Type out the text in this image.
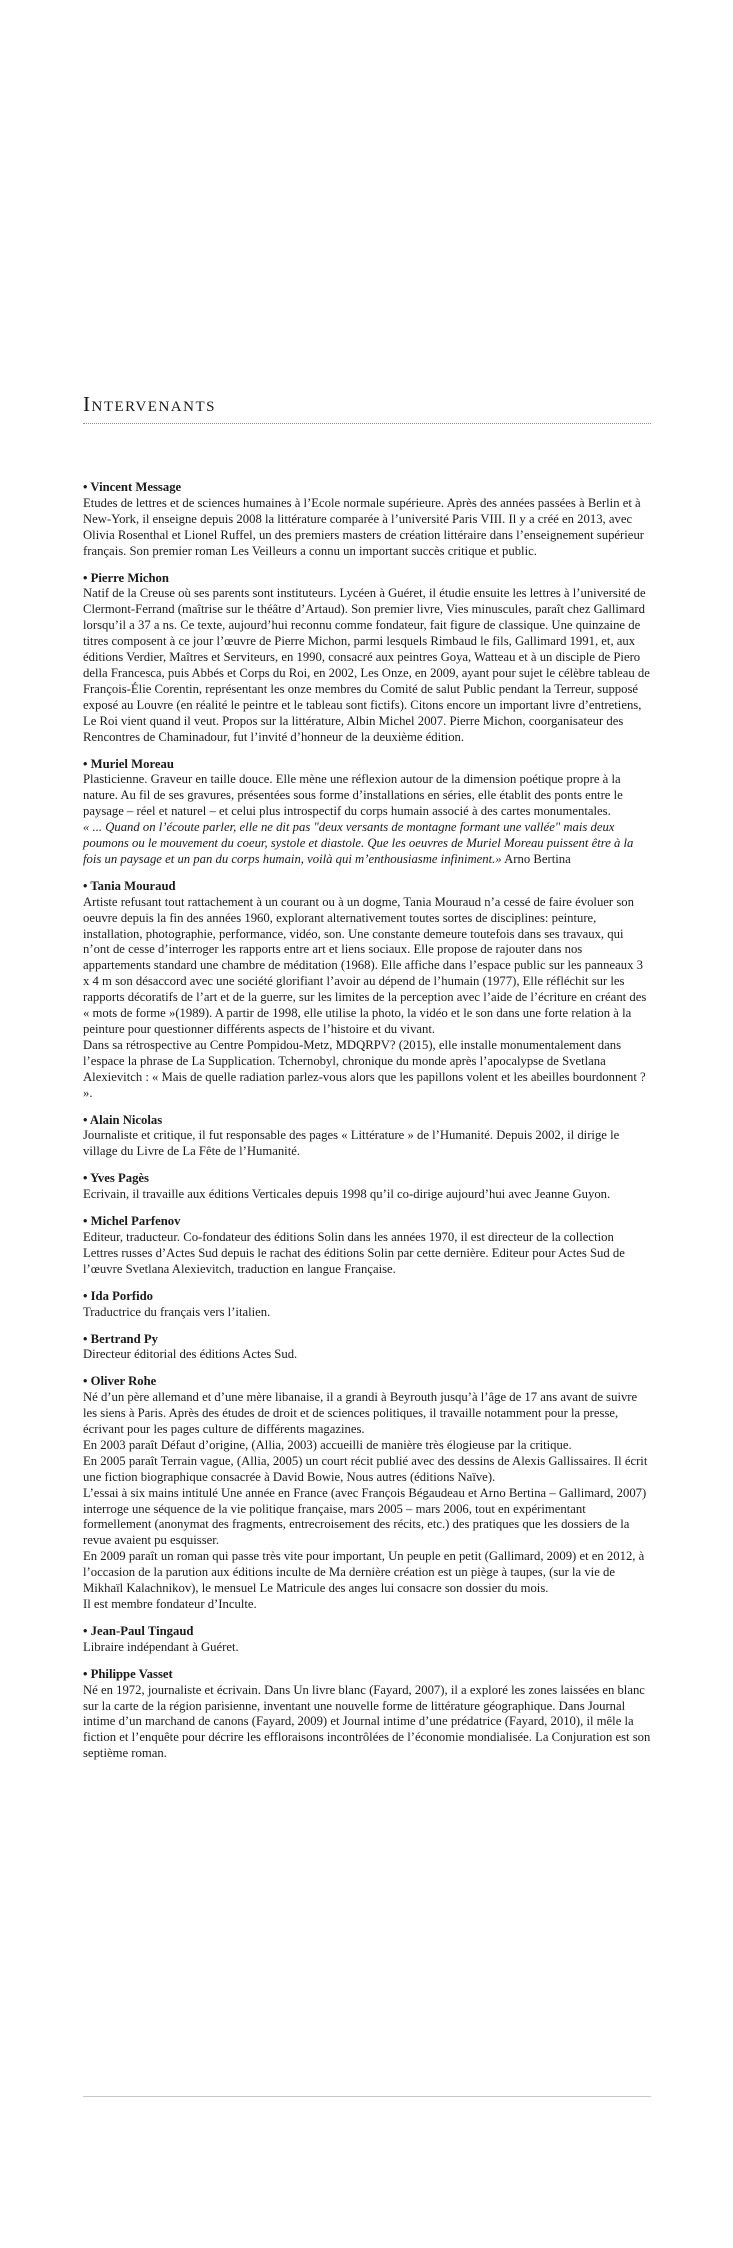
Intervenants
• Vincent Message

Etudes de lettres et de sciences humaines à l’Ecole normale supérieure. Après des années passées à Berlin et à New-York, il enseigne depuis 2008 la littérature comparée à l’université Paris VIII. Il y a créé en 2013, avec Olivia Rosenthal et Lionel Ruffel, un des premiers masters de création littéraire dans l’enseignement supérieur français. Son premier roman Les Veilleurs a connu un important succès critique et public.

• Pierre Michon

Natif de la Creuse où ses parents sont instituteurs. Lycéen à Guéret, il étudie ensuite les lettres à l’université de Clermont-Ferrand (maîtrise sur le théâtre d’Artaud). Son premier livre, Vies minuscules, paraît chez Gallimard lorsqu’il a 37 a ns. Ce texte, aujourd’hui reconnu comme fondateur, fait figure de classique. Une quinzaine de titres composent à ce jour l’œuvre de Pierre Michon, parmi lesquels Rimbaud le fils, Gallimard 1991, et, aux éditions Verdier, Maîtres et Serviteurs, en 1990, consacré aux peintres Goya, Watteau et à un disciple de Piero della Francesca, puis Abbés et Corps du Roi, en 2002, Les Onze, en 2009, ayant pour sujet le célèbre tableau de François-Élie Corentin, représentant les onze membres du Comité de salut Public pendant la Terreur, supposé exposé au Louvre (en réalité le peintre et le tableau sont fictifs). Citons encore un important livre d’entretiens, Le Roi vient quand il veut. Propos sur la littérature, Albin Michel 2007. Pierre Michon, coorganisateur des Rencontres de Chaminadour, fut l’invité d’honneur de la deuxième édition.

• Muriel Moreau

Plasticienne. Graveur en taille douce. Elle mène une réflexion autour de la dimension poétique propre à la nature. Au fil de ses gravures, présentées sous forme d’installations en séries, elle établit des ponts entre le paysage – réel et naturel – et celui plus introspectif du corps humain associé à des cartes monumentales.

« ... Quand on l’écoute parler, elle ne dit pas "deux versants de montagne formant une vallée" mais deux poumons ou le mouvement du coeur, systole et diastole. Que les oeuvres de Muriel Moreau puissent être à la fois un paysage et un pan du corps humain, voilà qui m’enthousiasme infiniment.» Arno Bertina

• Tania Mouraud

Artiste refusant tout rattachement à un courant ou à un dogme, Tania Mouraud n’a cessé de faire évoluer son oeuvre depuis la fin des années 1960, explorant alternativement toutes sortes de disciplines: peinture, installation, photographie, performance, vidéo, son. Une constante demeure toutefois dans ses travaux, qui n’ont de cesse d’interroger les rapports entre art et liens sociaux. Elle propose de rajouter dans nos appartements standard une chambre de méditation (1968). Elle affiche dans l’espace public sur les panneaux 3 x 4 m son désaccord avec une société glorifiant l’avoir au dépend de l’humain (1977), Elle réfléchit sur les rapports décoratifs de l’art et de la guerre, sur les limites de la perception avec l’aide de l’écriture en créant des « mots de forme »(1989). A partir de 1998, elle utilise la photo, la vidéo et le son dans une forte relation à la peinture pour questionner différents aspects de l’histoire et du vivant.

Dans sa rétrospective au Centre Pompidou-Metz, MDQRPV? (2015), elle installe monumentalement dans l’espace la phrase de La Supplication. Tchernobyl, chronique du monde après l’apocalypse de Svetlana Alexievitch : « Mais de quelle radiation parlez-vous alors que les papillons volent et les abeilles bourdonnent ? ».

• Alain Nicolas

Journaliste et critique, il fut responsable des pages « Littérature » de l’Humanité. Depuis 2002, il dirige le village du Livre de La Fête de l’Humanité.

• Yves Pagès

Ecrivain, il travaille aux éditions Verticales depuis 1998 qu’il co-dirige aujourd’hui avec Jeanne Guyon.

• Michel Parfenov

Editeur, traducteur. Co-fondateur des éditions Solin dans les années 1970, il est directeur de la collection Lettres russes d’Actes Sud depuis le rachat des éditions Solin par cette dernière. Editeur pour Actes Sud de l’œuvre Svetlana Alexievitch, traduction en langue Française.

• Ida Porfido

Traductrice du français vers l’italien.

• Bertrand Py

Directeur éditorial des éditions Actes Sud.

• Oliver Rohe

Né d’un père allemand et d’une mère libanaise, il a grandi à Beyrouth jusqu’à l’âge de 17 ans avant de suivre les siens à Paris. Après des études de droit et de sciences politiques, il travaille notamment pour la presse, écrivant pour les pages culture de différents magazines.

En 2003 paraît Défaut d’origine, (Allia, 2003) accueilli de manière très élogieuse par la critique.

En 2005 paraît Terrain vague, (Allia, 2005) un court récit publié avec des dessins de Alexis Gallissaires. Il écrit une fiction biographique consacrée à David Bowie, Nous autres (éditions Naïve).

L’essai à six mains intitulé Une année en France (avec François Bégaudeau et Arno Bertina – Gallimard, 2007) interroge une séquence de la vie politique française, mars 2005 – mars 2006, tout en expérimentant formellement (anonymat des fragments, entrecroisement des récits, etc.) des pratiques que les dossiers de la revue avaient pu esquisser.

En 2009 paraît un roman qui passe très vite pour important, Un peuple en petit (Gallimard, 2009) et en 2012, à l’occasion de la parution aux éditions inculte de Ma dernière création est un piège à taupes, (sur la vie de Mikhaïl Kalachnikov), le mensuel Le Matricule des anges lui consacre son dossier du mois.

Il est membre fondateur d’Inculte.

• Jean-Paul Tingaud

Libraire indépendant à Guéret.

• Philippe Vasset

Né en 1972, journaliste et écrivain. Dans Un livre blanc (Fayard, 2007), il a exploré les zones laissées en blanc sur la carte de la région parisienne, inventant une nouvelle forme de littérature géographique. Dans Journal intime d’un marchand de canons (Fayard, 2009) et Journal intime d’une prédatrice (Fayard, 2010), il mêle la fiction et l’enquête pour décrire les effloraisons incontrôlées de l’économie mondialisée. La Conjuration est son septième roman.
